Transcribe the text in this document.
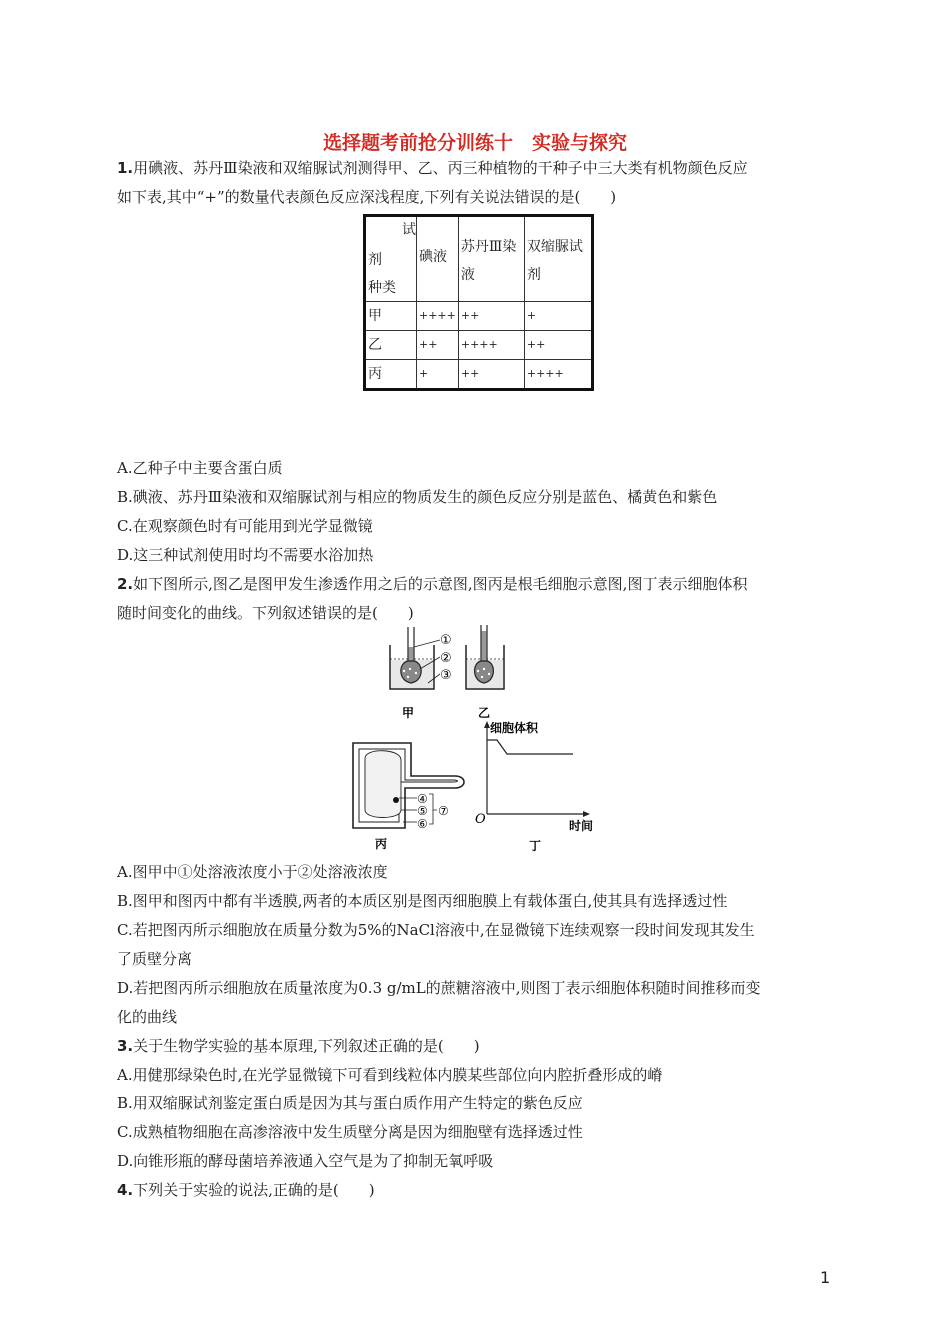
选择题考前抢分训练十　实验与探究
1.用碘液、苏丹Ⅲ染液和双缩脲试剂测得甲、乙、丙三种植物的干种子中三大类有机物颜色反应
如下表,其中“+”的数量代表颜色反应深浅程度,下列有关说法错误的是(　　)
试
剂
种类	碘液	苏丹Ⅲ染液	双缩脲试剂
甲	++++	++	+
乙	++	++++	++
丙	+	++	++++
A.乙种子中主要含蛋白质
B.碘液、苏丹Ⅲ染液和双缩脲试剂与相应的物质发生的颜色反应分别是蓝色、橘黄色和紫色
C.在观察颜色时有可能用到光学显微镜
D.这三种试剂使用时均不需要水浴加热
2.如下图所示,图乙是图甲发生渗透作用之后的示意图,图丙是根毛细胞示意图,图丁表示细胞体积
随时间变化的曲线。下列叙述错误的是(　　)
①
②
③
甲	乙
④
⑤
⑥
⑦
丙
细胞体积
O	时间
丁
A.图甲中①处溶液浓度小于②处溶液浓度
B.图甲和图丙中都有半透膜,两者的本质区别是图丙细胞膜上有载体蛋白,使其具有选择透过性
C.若把图丙所示细胞放在质量分数为5%的NaCl溶液中,在显微镜下连续观察一段时间发现其发生
了质壁分离
D.若把图丙所示细胞放在质量浓度为0.3 g/mL的蔗糖溶液中,则图丁表示细胞体积随时间推移而变
化的曲线
3.关于生物学实验的基本原理,下列叙述正确的是(　　)
A.用健那绿染色时,在光学显微镜下可看到线粒体内膜某些部位向内腔折叠形成的嵴
B.用双缩脲试剂鉴定蛋白质是因为其与蛋白质作用产生特定的紫色反应
C.成熟植物细胞在高渗溶液中发生质壁分离是因为细胞壁有选择透过性
D.向锥形瓶的酵母菌培养液通入空气是为了抑制无氧呼吸
4.下列关于实验的说法,正确的是(　　)
1
